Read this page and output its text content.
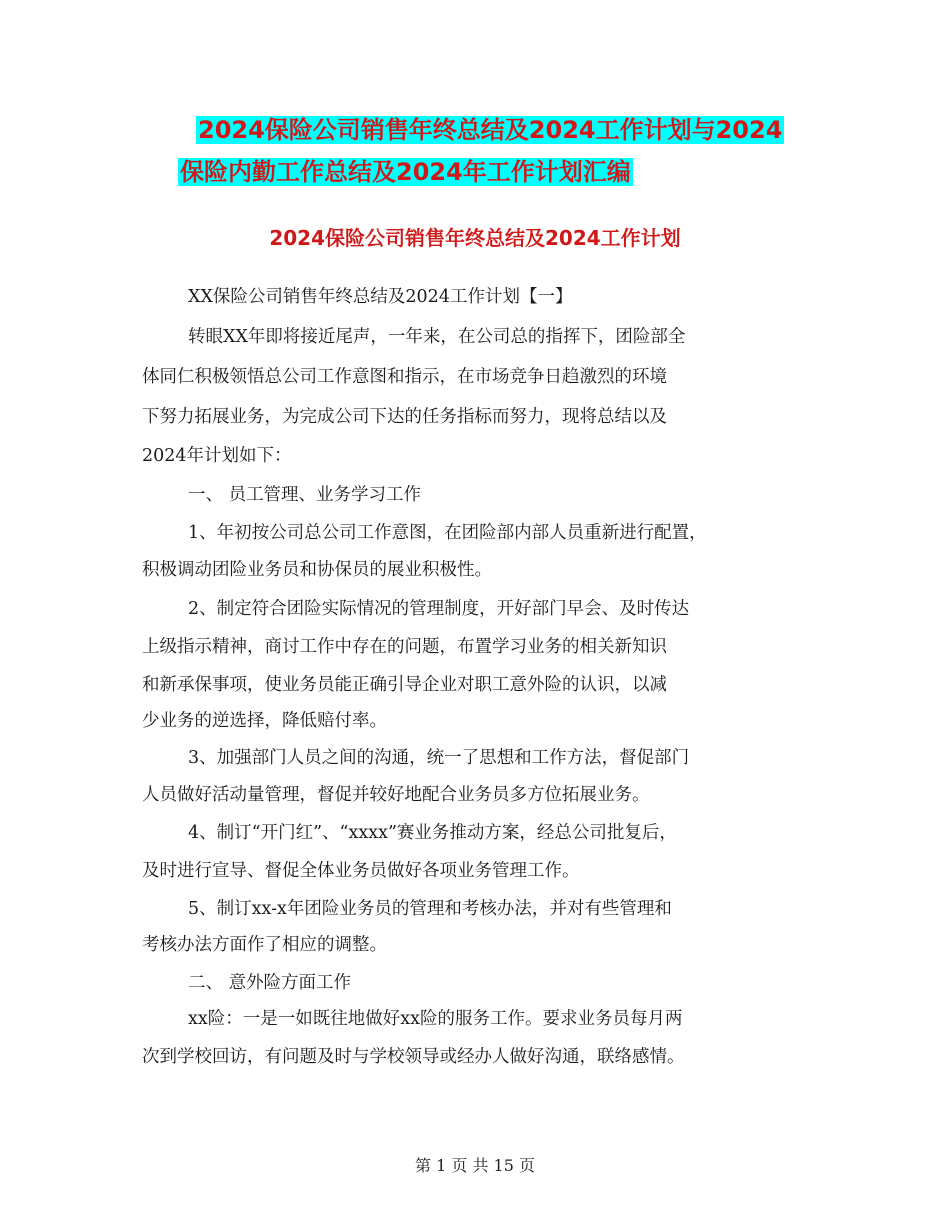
2024保险公司销售年终总结及2024工作计划与2024
保险内勤工作总结及2024年工作计划汇编
2024保险公司销售年终总结及2024工作计划
XX保险公司销售年终总结及2024工作计划【一】
转眼XX年即将接近尾声，一年来，在公司总的指挥下，团险部全
体同仁积极领悟总公司工作意图和指示，在市场竞争日趋激烈的环境
下努力拓展业务，为完成公司下达的任务指标而努力，现将总结以及
2024年计划如下：
一、 员工管理、业务学习工作
1、年初按公司总公司工作意图，在团险部内部人员重新进行配置，
积极调动团险业务员和协保员的展业积极性。
2、制定符合团险实际情况的管理制度，开好部门早会、及时传达
上级指示精神，商讨工作中存在的问题，布置学习业务的相关新知识
和新承保事项，使业务员能正确引导企业对职工意外险的认识，以减
少业务的逆选择，降低赔付率。
3、加强部门人员之间的沟通，统一了思想和工作方法，督促部门
人员做好活动量管理，督促并较好地配合业务员多方位拓展业务。
4、制订“开门红”、“xxxx”赛业务推动方案，经总公司批复后，
及时进行宣导、督促全体业务员做好各项业务管理工作。
5、制订xx-x年团险业务员的管理和考核办法，并对有些管理和
考核办法方面作了相应的调整。
二、 意外险方面工作
xx险：一是一如既往地做好xx险的服务工作。要求业务员每月两
次到学校回访，有问题及时与学校领导或经办人做好沟通，联络感情。
第 1 页 共 15 页
